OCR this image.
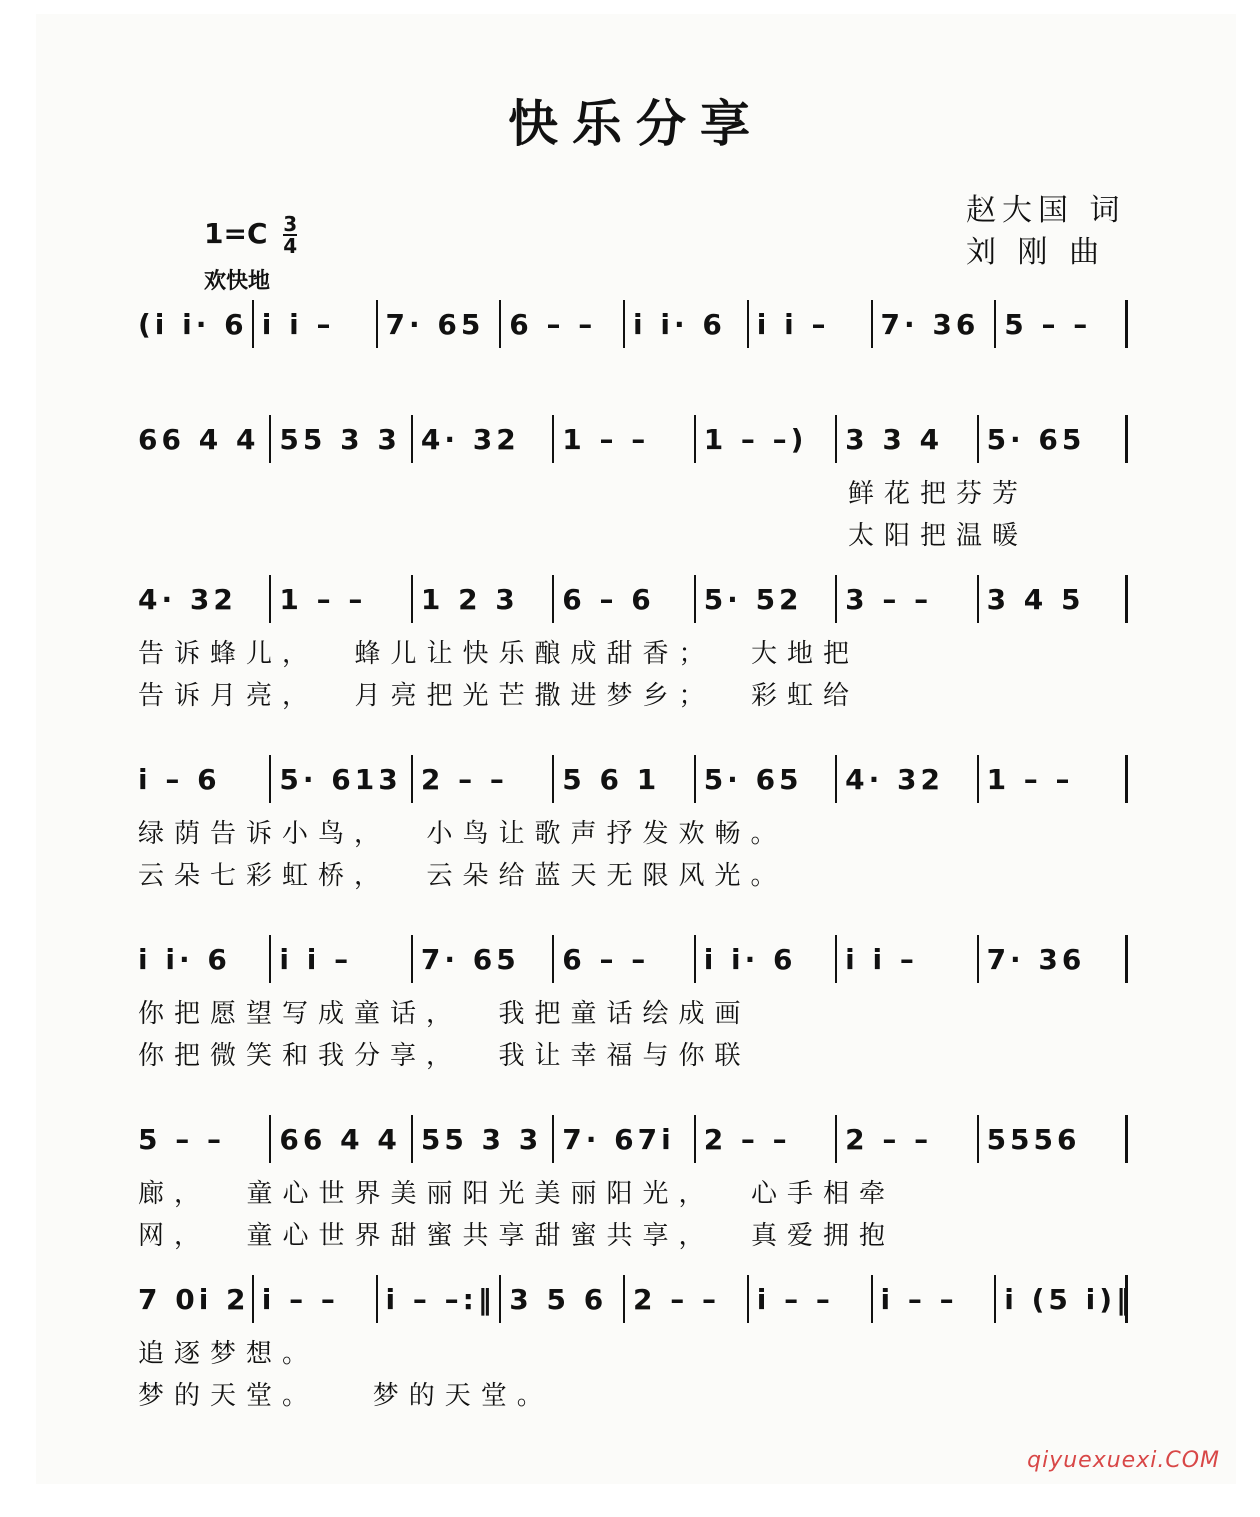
快乐分享
赵大国 词
刘 刚 曲
$1=C \frac{3}{4}$
欢快地
(i i· 6 i i – 7· 65 6 – – i i· 6 i i – 7· 36 5 – –
66 4 4 55 3 3 4· 32 1 – – 1 – –) 3 3 4 5· 65
鲜花把芬芳
太阳把温暖
4· 32 1 – – 1 2 3 6 – 6 5· 52 3 – – 3 4 5
告诉蜂儿，  蜂儿让快乐酿成甜香；  大地把
告诉月亮，  月亮把光芒撒进梦乡；  彩虹给
i – 6 5· 613 2 – – 5 6 1 5· 65 4· 32 1 – –
绿荫告诉小鸟，  小鸟让歌声抒发欢畅。
云朵七彩虹桥，  云朵给蓝天无限风光。
i i· 6 i i – 7· 65 6 – – i i· 6 i i – 7· 36
你把愿望写成童话，  我把童话绘成画
你把微笑和我分享，  我让幸福与你联
5 – – 66 4 4 55 3 3 7· 67i 2 – – 2 – – 5556
廊，  童心世界美丽阳光美丽阳光，  心手相牵
网，  童心世界甜蜜共享甜蜜共享，  真爱拥抱
7 0i 2 i – – i – –:‖ 3 5 6 2 – – i – – i – – i (5 i)‖
追逐梦想。
梦的天堂。   梦的天堂。
qiyuexuexi.COM
